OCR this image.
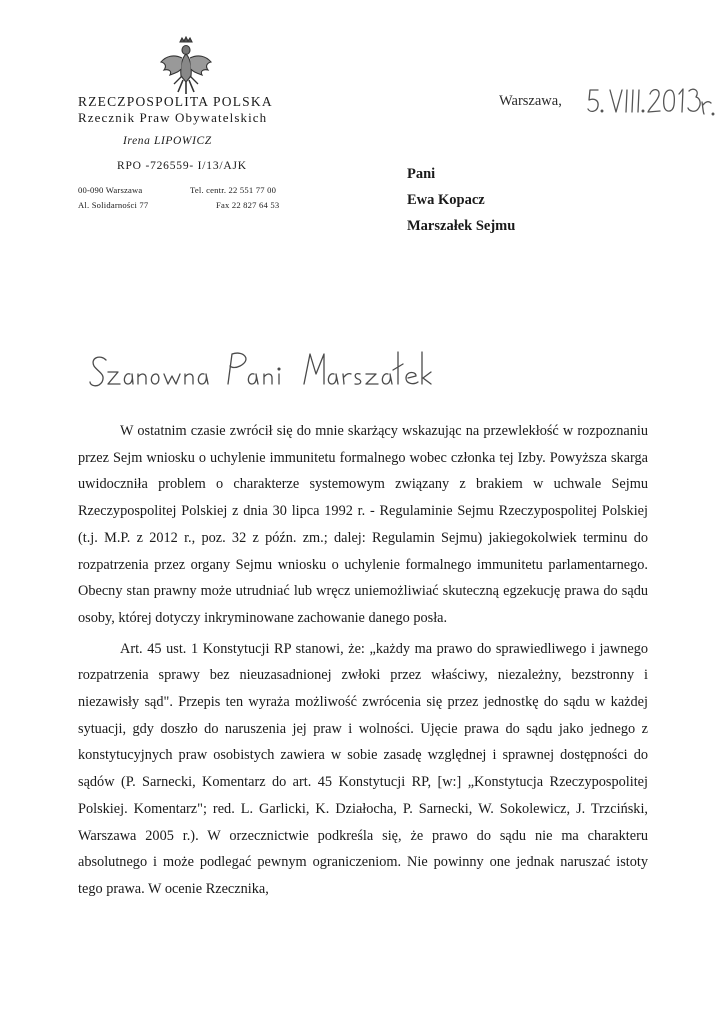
RZECZPOSPOLITA POLSKA
Rzecznik Praw Obywatelskich
Irena LIPOWICZ
RPO -726559- I/13/AJK
00-090 Warszawa
Al. Solidarności 77
Tel. centr. 22 551 77 00
Fax 22 827 64 53
Warszawa,
Pani
Ewa Kopacz
Marszałek Sejmu

W ostatnim czasie zwrócił się do mnie skarżący wskazując na przewlekłość w rozpoznaniu przez Sejm wniosku o uchylenie immunitetu formalnego wobec członka tej Izby. Powyższa skarga uwidoczniła problem o charakterze systemowym związany z brakiem w uchwale Sejmu Rzeczypospolitej Polskiej z dnia 30 lipca 1992 r. - Regulaminie Sejmu Rzeczypospolitej Polskiej (t.j. M.P. z 2012 r., poz. 32 z późn. zm.; dalej: Regulamin Sejmu) jakiegokolwiek terminu do rozpatrzenia przez organy Sejmu wniosku o uchylenie formalnego immunitetu parlamentarnego. Obecny stan prawny może utrudniać lub wręcz uniemożliwiać skuteczną egzekucję prawa do sądu osoby, której dotyczy inkryminowane zachowanie danego posła.

Art. 45 ust. 1 Konstytucji RP stanowi, że: „każdy ma prawo do sprawiedliwego i jawnego rozpatrzenia sprawy bez nieuzasadnionej zwłoki przez właściwy, niezależny, bezstronny i niezawisły sąd". Przepis ten wyraża możliwość zwrócenia się przez jednostkę do sądu w każdej sytuacji, gdy doszło do naruszenia jej praw i wolności. Ujęcie prawa do sądu jako jednego z konstytucyjnych praw osobistych zawiera w sobie zasadę względnej i sprawnej dostępności do sądów (P. Sarnecki, Komentarz do art. 45 Konstytucji RP, [w:] „Konstytucja Rzeczypospolitej Polskiej. Komentarz"; red. L. Garlicki, K. Działocha, P. Sarnecki, W. Sokolewicz, J. Trzciński, Warszawa 2005 r.). W orzecznictwie podkreśla się, że prawo do sądu nie ma charakteru absolutnego i może podlegać pewnym ograniczeniom. Nie powinny one jednak naruszać istoty tego prawa. W ocenie Rzecznika,
